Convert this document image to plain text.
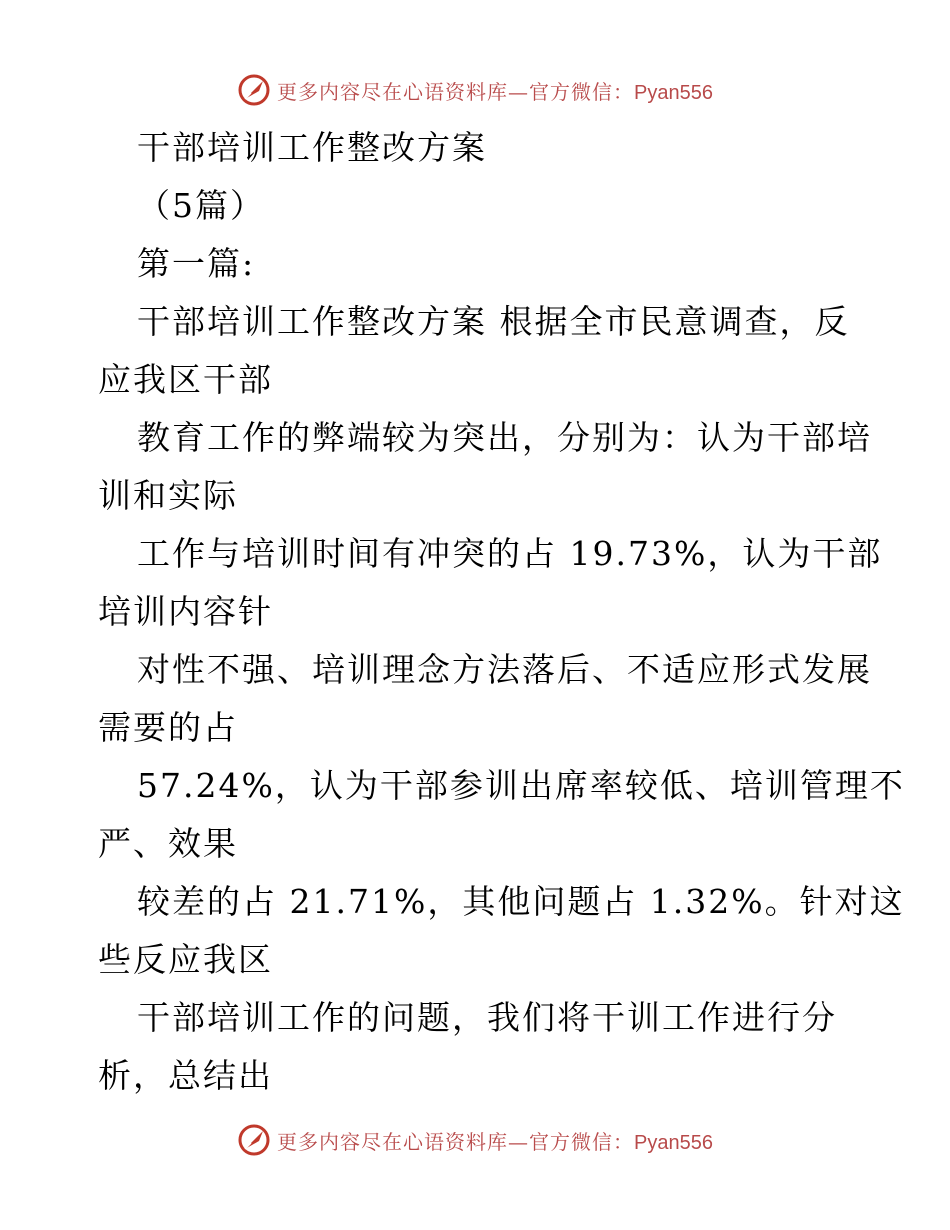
更多内容尽在心语资料库—官方微信：Pyan556
干部培训工作整改方案
（5篇）
第一篇:
干部培训工作整改方案 根据全市民意调查，反
应我区干部
教育工作的弊端较为突出，分别为：认为干部培
训和实际
工作与培训时间有冲突的占 19.73%，认为干部
培训内容针
对性不强、培训理念方法落后、不适应形式发展
需要的占
57.24%，认为干部参训出席率较低、培训管理不
严、效果
较差的占 21.71%，其他问题占 1.32%。针对这
些反应我区
干部培训工作的问题，我们将干训工作进行分
析，总结出
更多内容尽在心语资料库—官方微信：Pyan556
